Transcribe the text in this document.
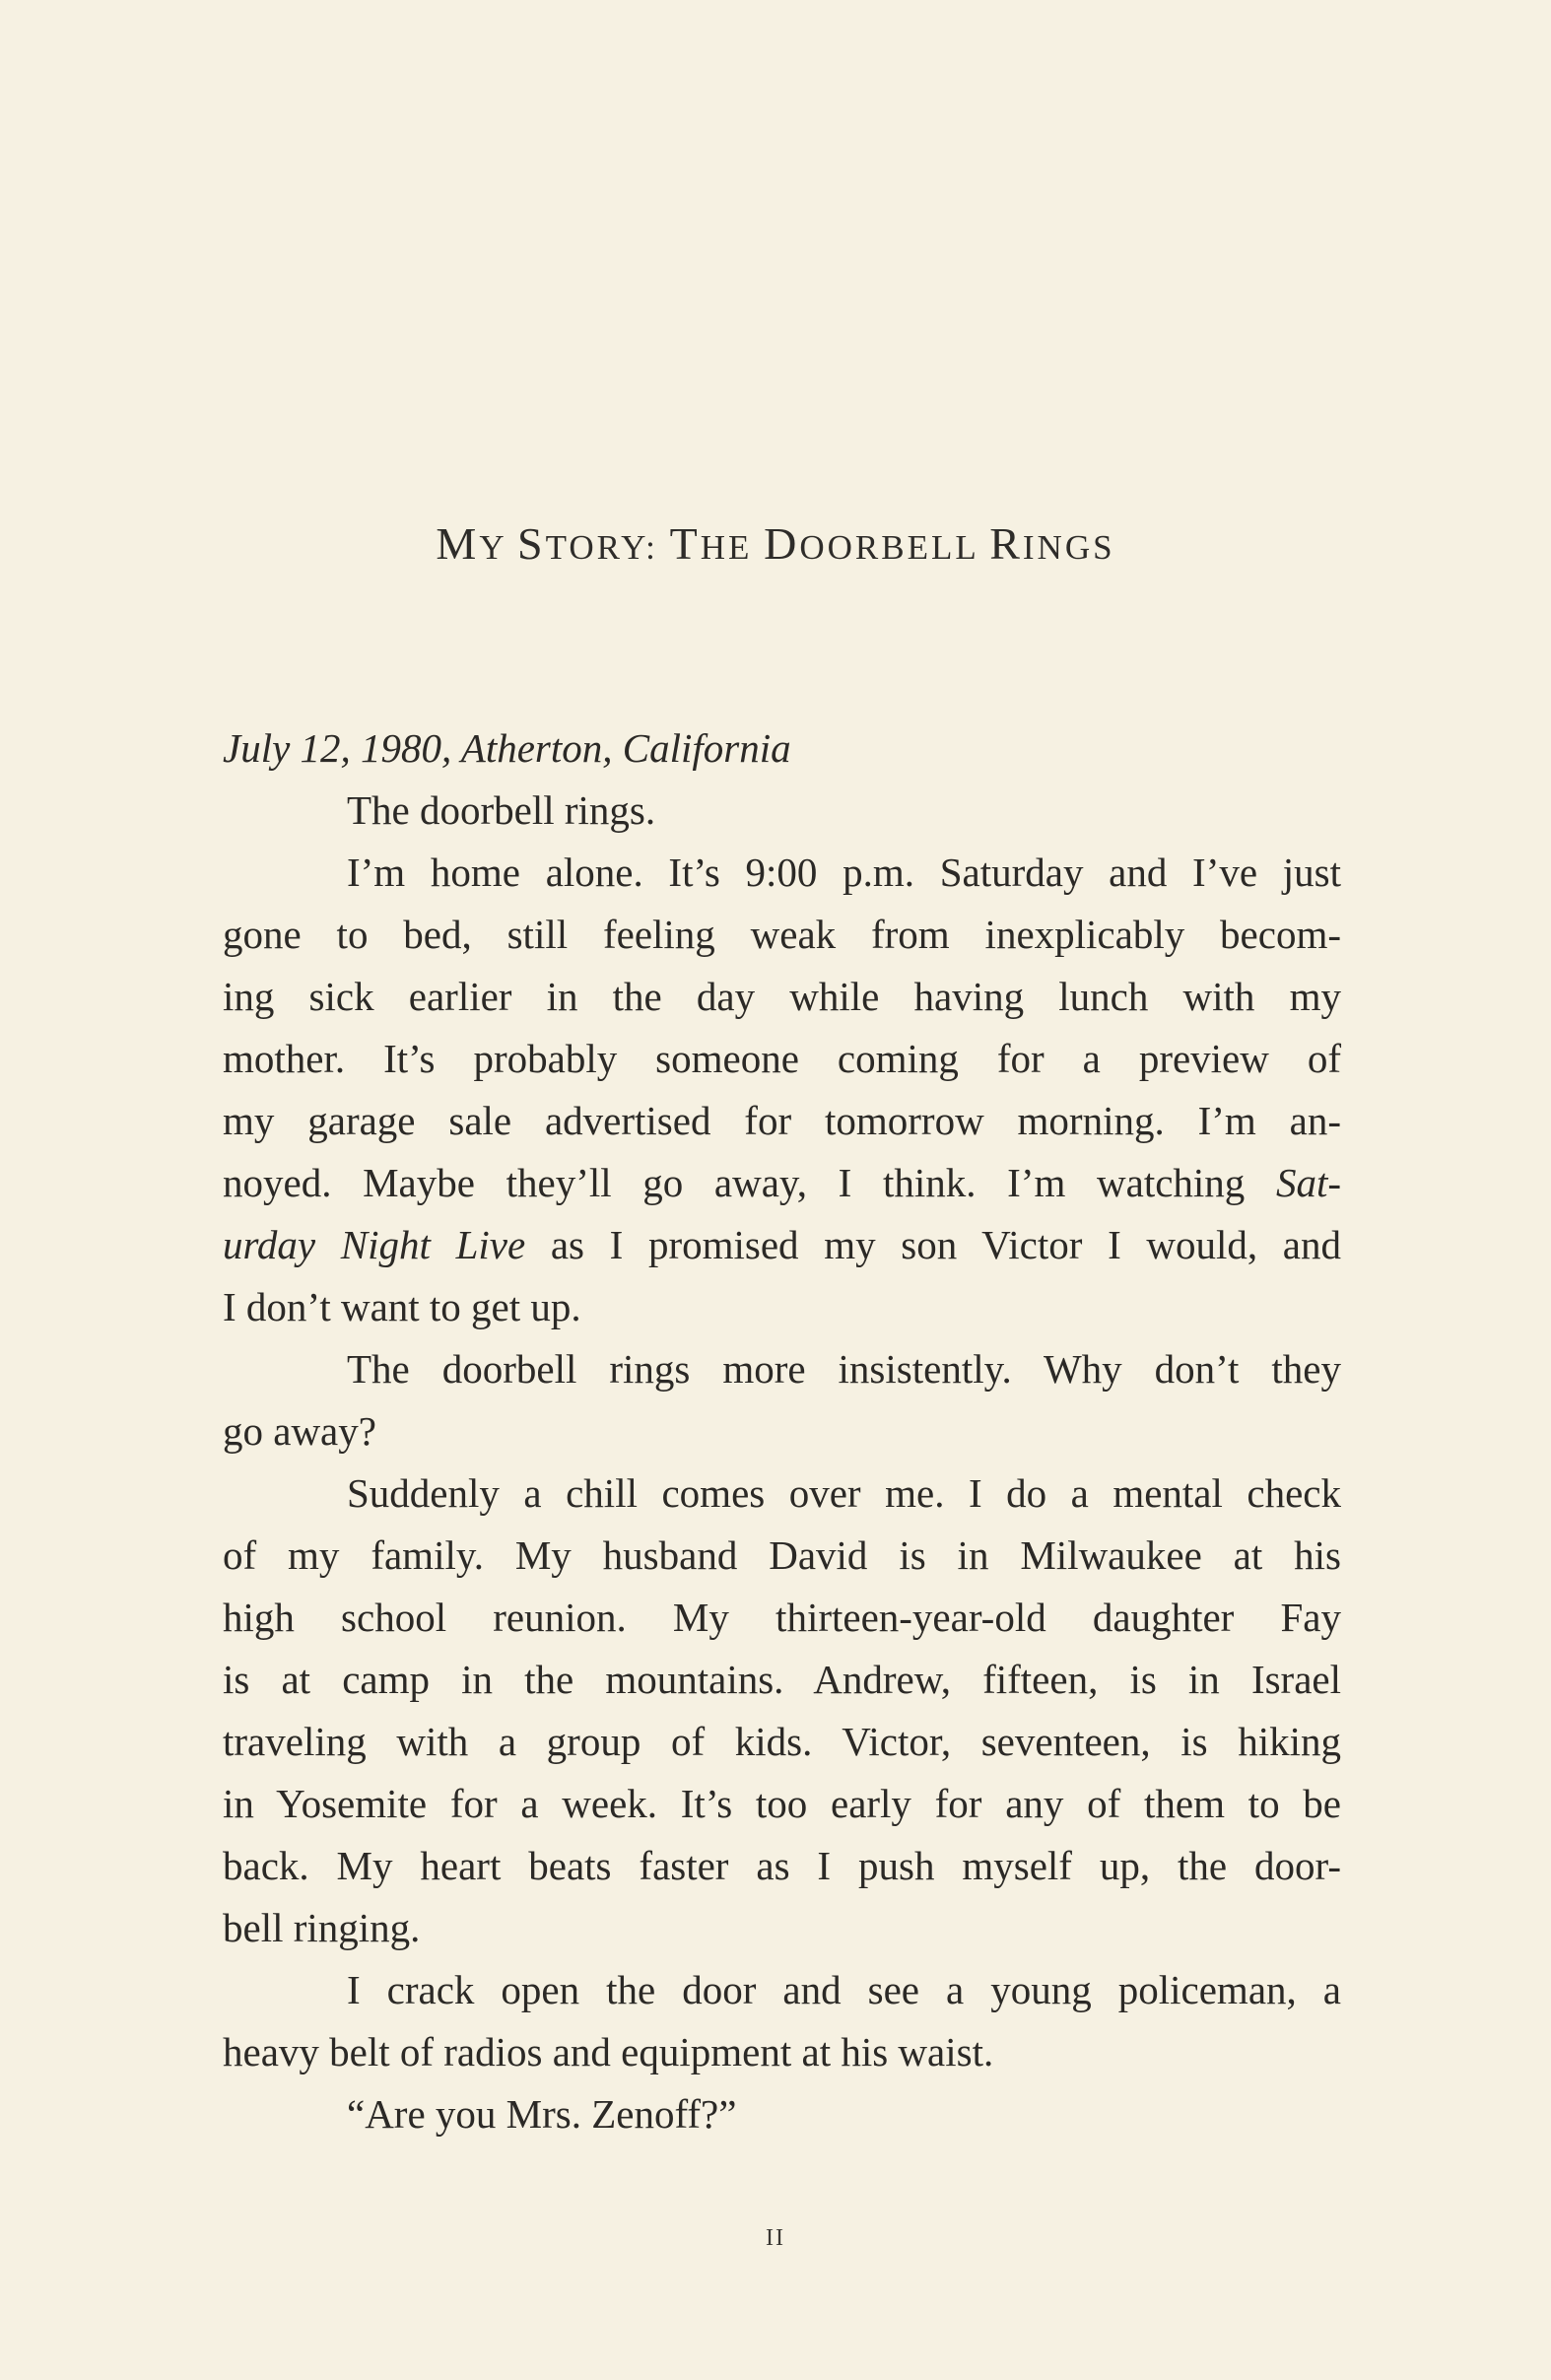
MY STORY: THE DOORBELL RINGS
July 12, 1980, Atherton, California
The doorbell rings.
I’m home alone. It’s 9:00 p.m. Saturday and I’ve just
gone to bed, still feeling weak from inexplicably becom-
ing sick earlier in the day while having lunch with my
mother. It’s probably someone coming for a preview of
my garage sale advertised for tomorrow morning. I’m an-
noyed. Maybe they’ll go away, I think. I’m watching Sat-
urday Night Live as I promised my son Victor I would, and
I don’t want to get up.
The doorbell rings more insistently. Why don’t they
go away?
Suddenly a chill comes over me. I do a mental check
of my family. My husband David is in Milwaukee at his
high school reunion. My thirteen-year-old daughter Fay
is at camp in the mountains. Andrew, fifteen, is in Israel
traveling with a group of kids. Victor, seventeen, is hiking
in Yosemite for a week. It’s too early for any of them to be
back. My heart beats faster as I push myself up, the door-
bell ringing.
I crack open the door and see a young policeman, a
heavy belt of radios and equipment at his waist.
“Are you Mrs. Zenoff?”
II
